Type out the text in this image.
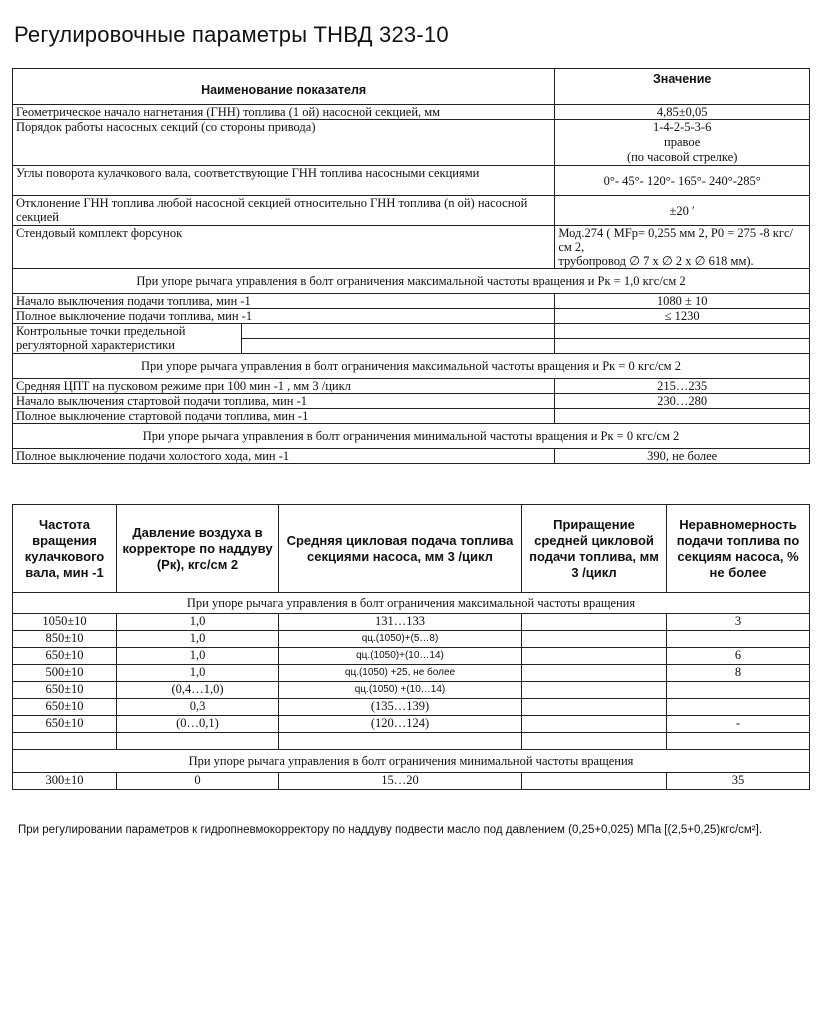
Регулировочные параметры ТНВД 323-10
Наименование показателя		Значение
Геометрическое начало нагнетания (ГНН) топлива (1 ой) насосной секцией, мм		4,85±0,05
Порядок работы насосных секций (со стороны привода)		1-4-2-5-3-6
правое
(по часовой стрелке)

Углы поворота кулачкового вала, соответствующие ГНН топлива насосными секциями		0°- 45°- 120°- 165°- 240°-285°
Отклонение ГНН топлива любой насосной секцией относительно ГНН топлива (n ой) насосной секцией		±20 ′
Стендовый комплект форсунок		Мод.274 ( MFр= 0,255 мм 2, P0 = 275 -8 кгс/см 2,
трубопровод ∅ 7 x ∅ 2 x ∅ 618 мм).

При упоре рычага управления в болт ограничения максимальной частоты вращения и Рк = 1,0 кгс/см 2		
Начало выключения подачи топлива, мин -1		1080 ± 10
Полное выключение подачи топлива, мин -1		≤ 1230
Контрольные точки предельной регуляторной характеристики		

При упоре рычага управления в болт ограничения максимальной частоты вращения и Рк = 0 кгс/см 2		
Средняя ЦПТ на пусковом режиме при 100 мин -1 , мм 3 /цикл		215…235
Начало выключения стартовой подачи топлива, мин -1		230…280
Полное выключение стартовой подачи топлива, мин -1		
При упоре рычага управления в болт ограничения минимальной частоты вращения и Рк = 0 кгс/см 2		
Полное выключение подачи холостого хода, мин -1		390, не более
Частота вращения кулачкового вала, мин -1	Давление воздуха в корректоре по наддуву (Рк), кгс/см 2	Средняя цикловая подача топлива секциями насоса, мм 3 /цикл	Приращение средней цикловой подачи топлива, мм 3 /цикл	Неравномерность подачи топлива по секциям насоса, % не более
При упоре рычага управления в болт ограничения максимальной частоты вращения				
1050±10	1,0	131…133		3
850±10	1,0	qц.(1050)+(5…8)		
650±10	1,0	qц.(1050)+(10…14)		6
500±10	1,0	qц.(1050) +25, не более		8
650±10	(0,4…1,0)	qц.(1050) +(10…14)		
650±10	0,3	(135…139)		
650±10	(0…0,1)	(120…124)		-

При упоре рычага управления в болт ограничения минимальной частоты вращения				
300±10	0	15…20		35
При регулировании параметров к гидропневмокорректору по наддуву подвести масло под давлением (0,25+0,025) МПа [(2,5+0,25)кгс/см²].
